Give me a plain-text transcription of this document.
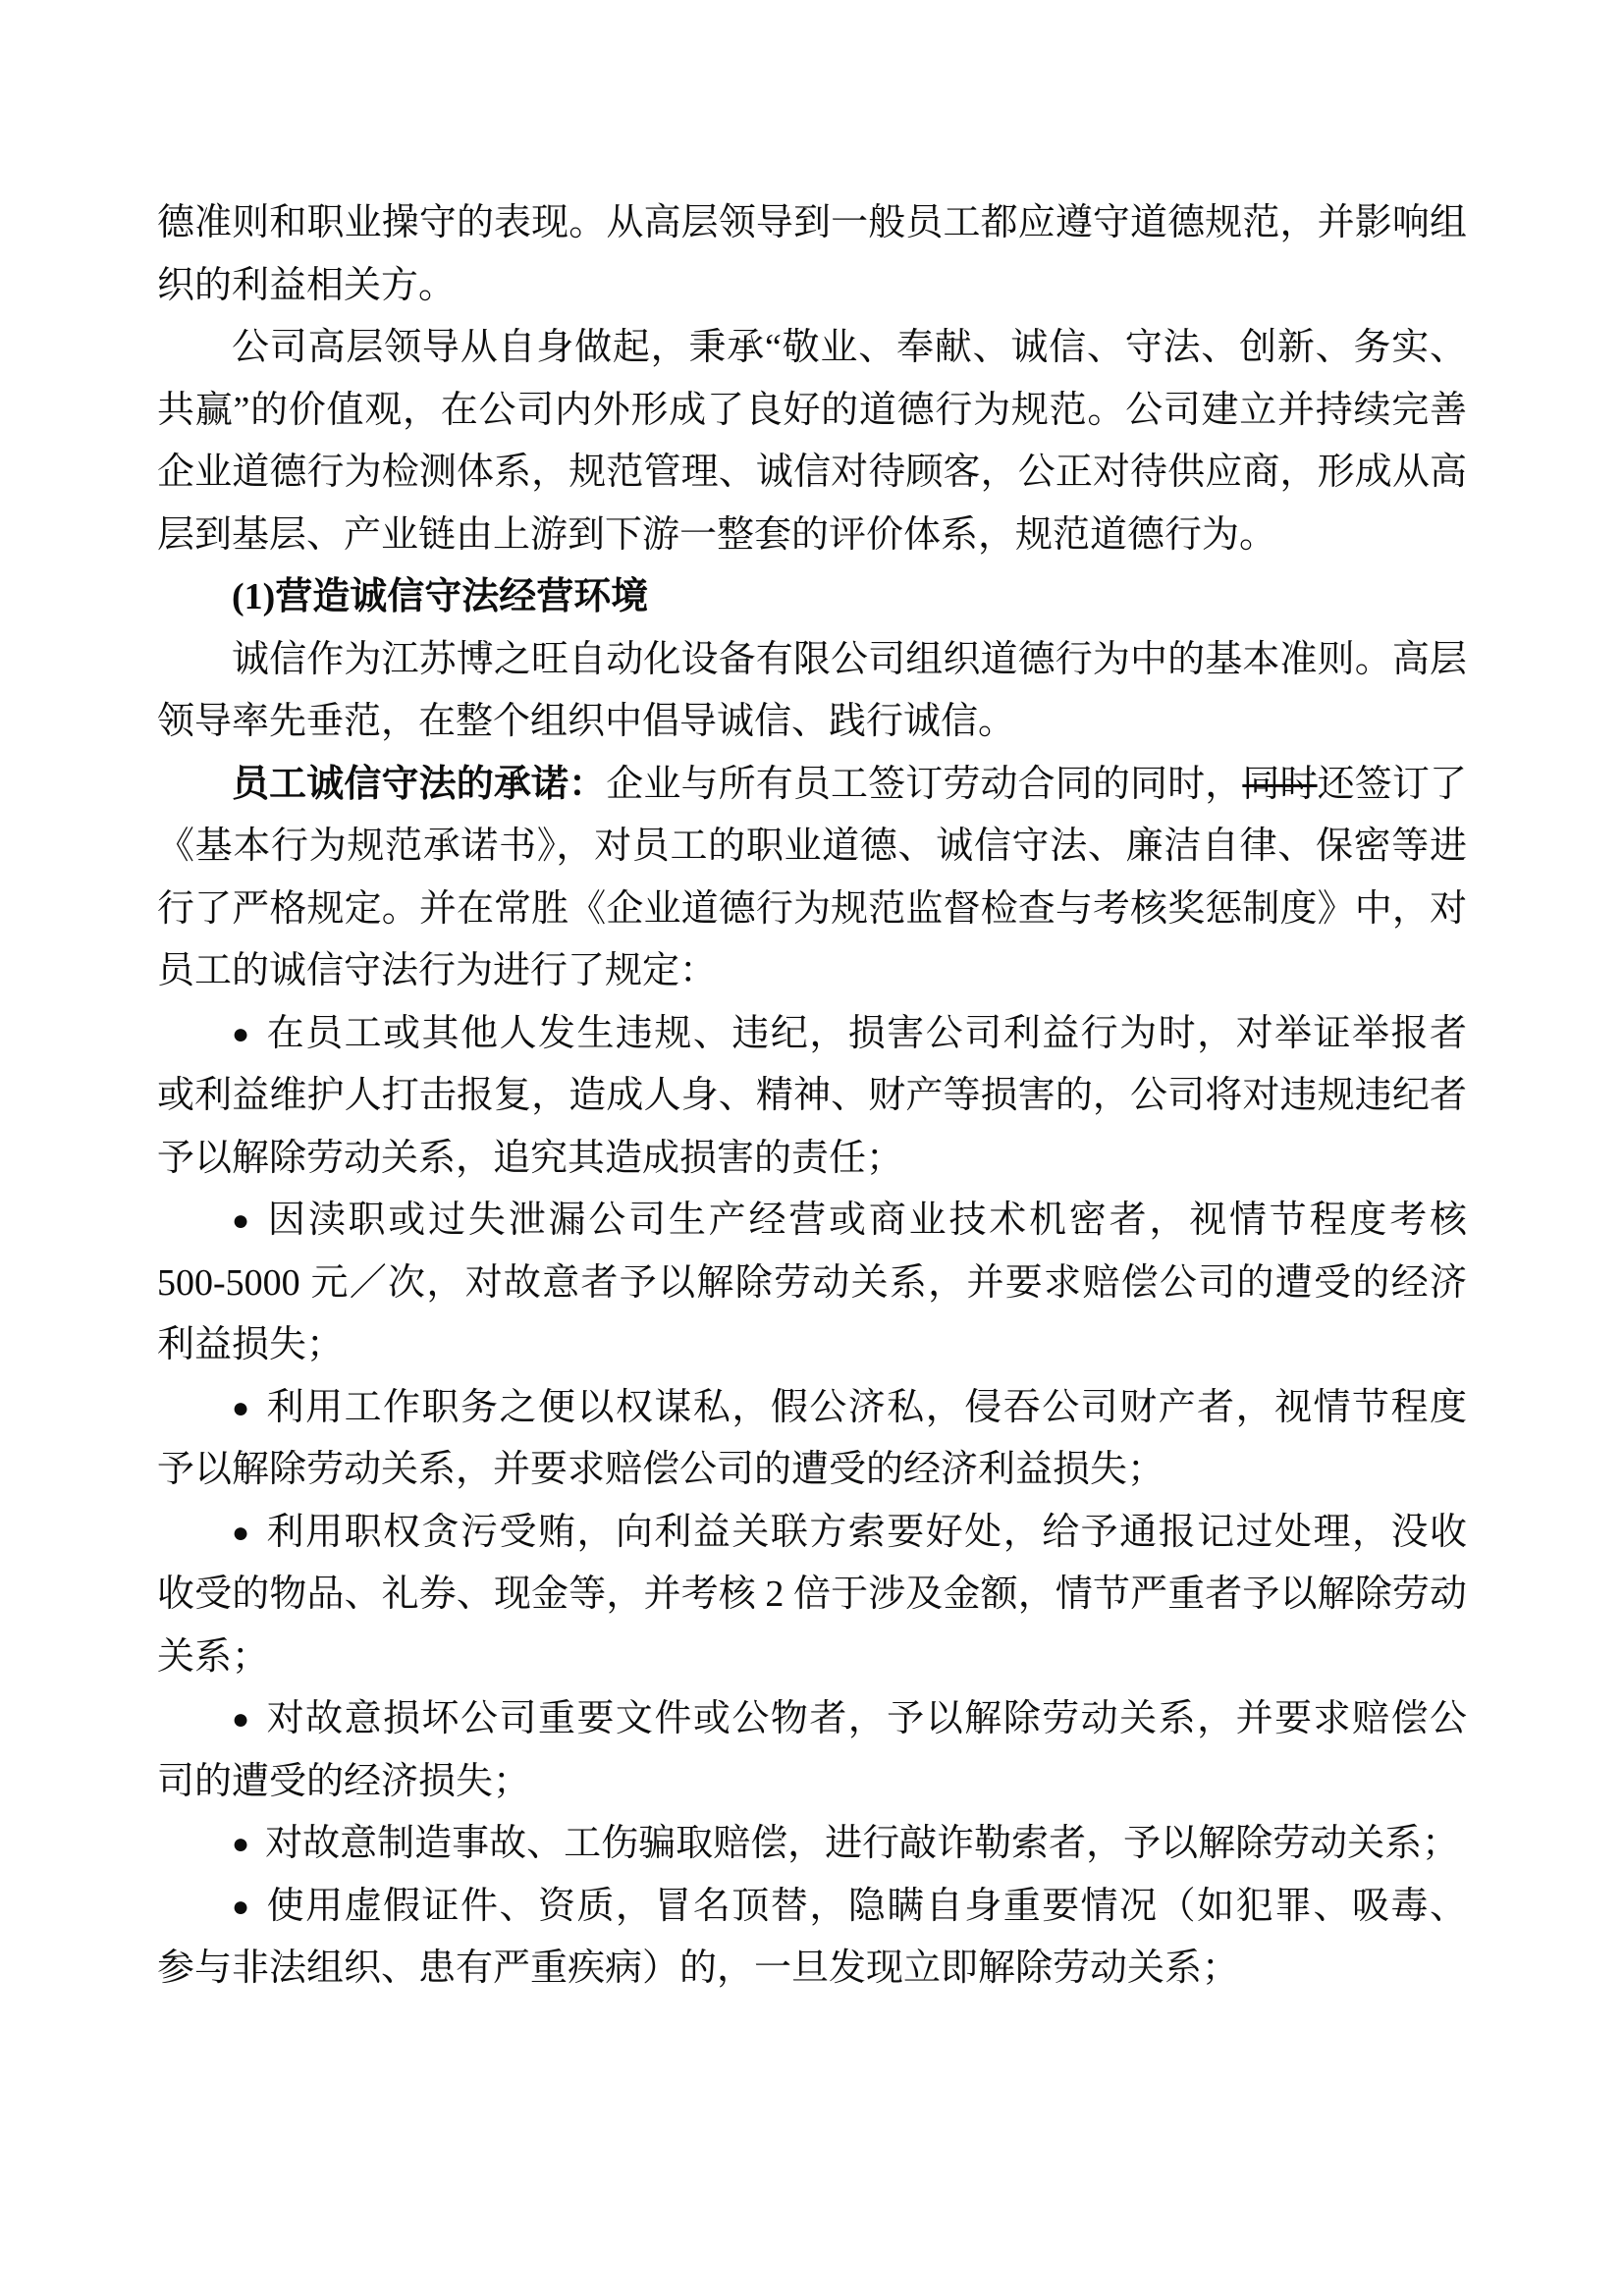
德准则和职业操守的表现。从高层领导到一般员工都应遵守道德规范，并影响组
织的利益相关方。
公司高层领导从自身做起，秉承“敬业、奉献、诚信、守法、创新、务实、
共赢”的价值观，在公司内外形成了良好的道德行为规范。公司建立并持续完善
企业道德行为检测体系，规范管理、诚信对待顾客，公正对待供应商，形成从高
层到基层、产业链由上游到下游一整套的评价体系，规范道德行为。
(1)营造诚信守法经营环境
诚信作为江苏博之旺自动化设备有限公司组织道德行为中的基本准则。高层
领导率先垂范，在整个组织中倡导诚信、践行诚信。
员工诚信守法的承诺：企业与所有员工签订劳动合同的同时，同时还签订了
《基本行为规范承诺书》，对员工的职业道德、诚信守法、廉洁自律、保密等进
行了严格规定。并在常胜《企业道德行为规范监督检查与考核奖惩制度》中，对
员工的诚信守法行为进行了规定：
● 在员工或其他人发生违规、违纪，损害公司利益行为时，对举证举报者
或利益维护人打击报复，造成人身、精神、财产等损害的，公司将对违规违纪者
予以解除劳动关系，追究其造成损害的责任；
● 因渎职或过失泄漏公司生产经营或商业技术机密者，视情节程度考核
500-5000 元／次，对故意者予以解除劳动关系，并要求赔偿公司的遭受的经济
利益损失；
● 利用工作职务之便以权谋私，假公济私，侵吞公司财产者，视情节程度
予以解除劳动关系，并要求赔偿公司的遭受的经济利益损失；
● 利用职权贪污受贿，向利益关联方索要好处，给予通报记过处理，没收
收受的物品、礼券、现金等，并考核 2 倍于涉及金额，情节严重者予以解除劳动
关系；
● 对故意损坏公司重要文件或公物者，予以解除劳动关系，并要求赔偿公
司的遭受的经济损失；
● 对故意制造事故、工伤骗取赔偿，进行敲诈勒索者，予以解除劳动关系；
● 使用虚假证件、资质，冒名顶替，隐瞒自身重要情况（如犯罪、吸毒、
参与非法组织、患有严重疾病）的，一旦发现立即解除劳动关系；
